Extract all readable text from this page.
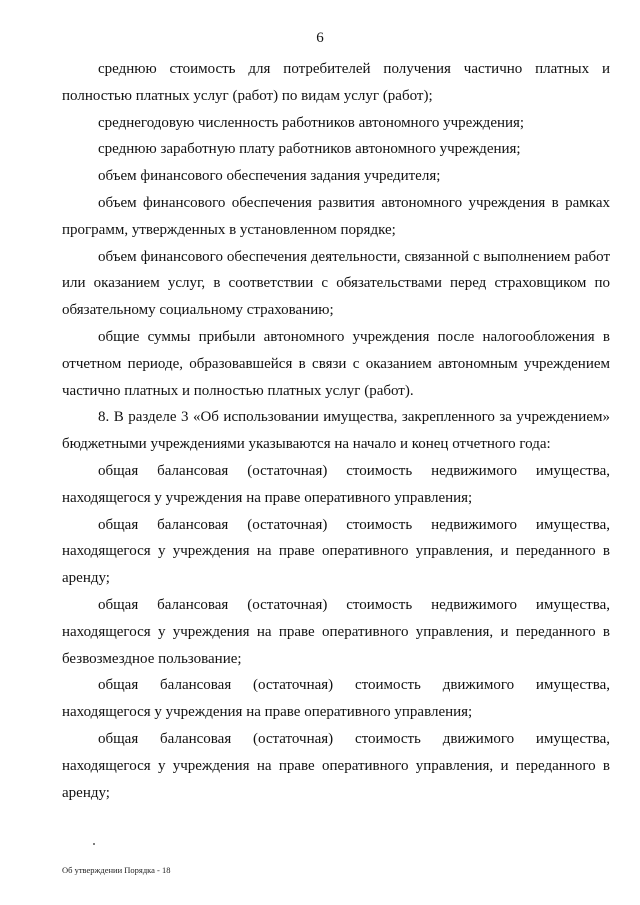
6

среднюю стоимость для потребителей получения частично платных и полностью платных услуг (работ) по видам услуг (работ);

среднегодовую численность работников автономного учреждения;

среднюю заработную плату работников автономного учреждения;

объем финансового обеспечения задания учредителя;

объем финансового обеспечения развития автономного учреждения в рамках программ, утвержденных в установленном порядке;

объем финансового обеспечения деятельности, связанной с выполнением работ или оказанием услуг, в соответствии с обязательствами перед страховщиком по обязательному социальному страхованию;

общие суммы прибыли автономного учреждения после налогообложения в отчетном периоде, образовавшейся в связи с оказанием автономным учреждением частично платных и полностью платных услуг (работ).

8. В разделе 3 «Об использовании имущества, закрепленного за учреждением» бюджетными учреждениями указываются на начало и конец отчетного года:

общая балансовая (остаточная) стоимость недвижимого имущества, находящегося у учреждения на праве оперативного управления;

общая балансовая (остаточная) стоимость недвижимого имущества, находящегося у учреждения на праве оперативного управления, и переданного в аренду;

общая балансовая (остаточная) стоимость недвижимого имущества, находящегося у учреждения на праве оперативного управления, и переданного в безвозмездное пользование;

общая балансовая (остаточная) стоимость движимого имущества, находящегося у учреждения на праве оперативного управления;

общая балансовая (остаточная) стоимость движимого имущества, находящегося у учреждения на праве оперативного управления, и переданного в аренду;

Об утверждении Порядка - 18
